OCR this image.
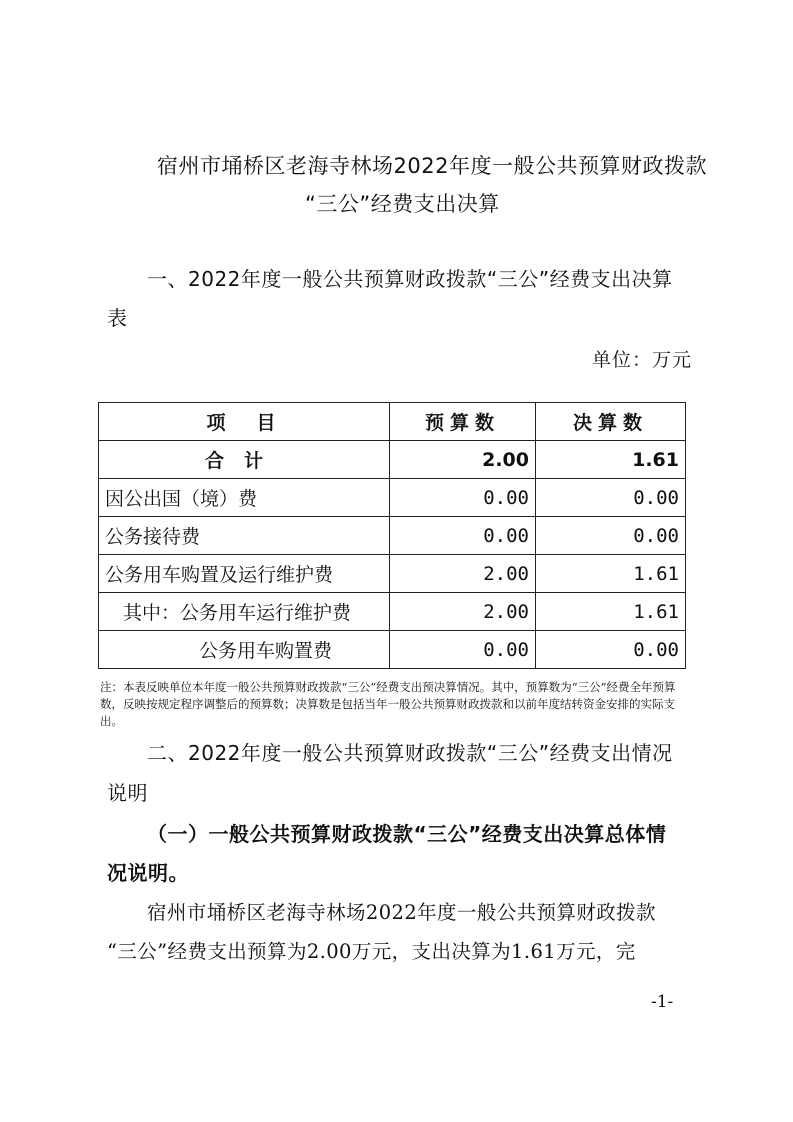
宿州市埇桥区老海寺林场2022年度一般公共预算财政拨款

“三公”经费支出决算

一、2022年度一般公共预算财政拨款“三公”经费支出决算

表

单位：万元

项　目	预算数	决算数
合计	2.00	1.61
因公出国（境）费	0.00	0.00
公务接待费	0.00	0.00
公务用车购置及运行维护费	2.00	1.61
其中：公务用车运行维护费	2.00	1.61
公务用车购置费	0.00	0.00

注：本表反映单位本年度一般公共预算财政拨款“三公”经费支出预决算情况。其中，预算数为“三公”经费全年预算数，反映按规定程序调整后的预算数；决算数是包括当年一般公共预算财政拨款和以前年度结转资金安排的实际支出。

二、2022年度一般公共预算财政拨款“三公”经费支出情况

说明

（一）一般公共预算财政拨款“三公”经费支出决算总体情

况说明。

宿州市埇桥区老海寺林场2022年度一般公共预算财政拨款

“三公”经费支出预算为2.00万元，支出决算为1.61万元，完

-1-
